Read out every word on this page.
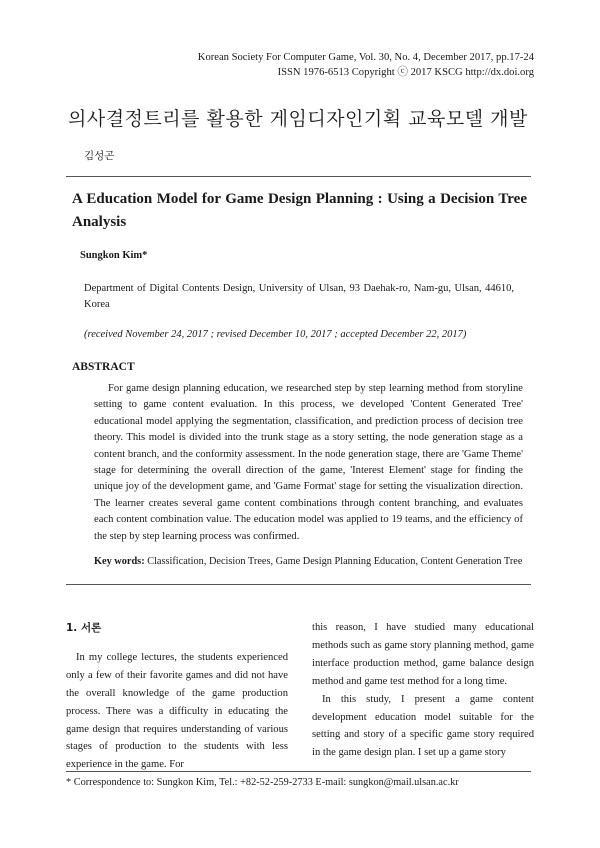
Korean Society For Computer Game, Vol. 30, No. 4, December 2017, pp.17-24
ISSN 1976-6513 Copyright ⓒ 2017 KSCG http://dx.doi.org
의사결정트리를 활용한 게임디자인기획 교육모델 개발
김성곤
A Education Model for Game Design Planning : Using a Decision Tree Analysis
Sungkon Kim*
Department of Digital Contents Design, University of Ulsan, 93 Daehak-ro, Nam-gu, Ulsan, 44610, Korea
(received November 24, 2017 ; revised December 10, 2017 ; accepted December 22, 2017)
ABSTRACT
For game design planning education, we researched step by step learning method from storyline setting to game content evaluation. In this process, we developed 'Content Generated Tree' educational model applying the segmentation, classification, and prediction process of decision tree theory. This model is divided into the trunk stage as a story setting, the node generation stage as a content branch, and the conformity assessment. In the node generation stage, there are 'Game Theme' stage for determining the overall direction of the game, 'Interest Element' stage for finding the unique joy of the development game, and 'Game Format' stage for setting the visualization direction. The learner creates several game content combinations through content branching, and evaluates each content combination value. The education model was applied to 19 teams, and the efficiency of the step by step learning process was confirmed.
Key words: Classification, Decision Trees, Game Design Planning Education, Content Generation Tree
1. 서론

In my college lectures, the students experienced only a few of their favorite games and did not have the overall knowledge of the game production process. There was a difficulty in educating the game design that requires understanding of various stages of production to the students with less experience in the game. For

this reason, I have studied many educational methods such as game story planning method, game interface production method, game balance design method and game test method for a long time.

In this study, I present a game content development education model suitable for the setting and story of a specific game story required in the game design plan. I set up a game story

* Correspondence to: Sungkon Kim, Tel.: +82-52-259-2733 E-mail: sungkon@mail.ulsan.ac.kr
